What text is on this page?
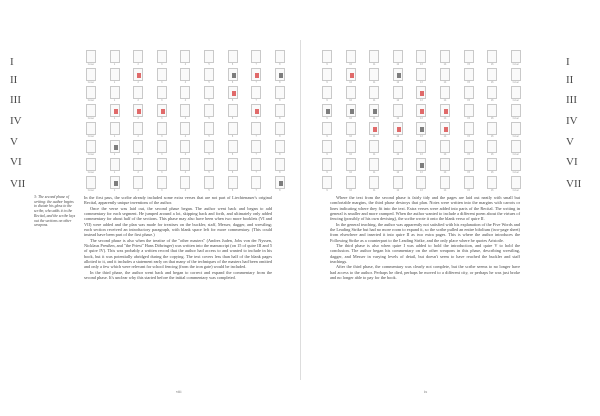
Cover	1	2	3	4	5	6	7	8
Cover	1	2	3	4	5	6	7	8
Cover	1	2	3	4	5	6	7	8
Cover	1	2	3	4	5	6	7	8
Cover	1	2	3	4	5	6	7	8
Cover	1	2	3	4	5	6	7	8
Cover	1	2	3	4	5	6	7	8
Cover	1	2	3	4	5	6	7	8
9	10	11	12	13	14	15	16	Cover
9	10	11	12	13	14	15	16	Cover
9	10	11	12	13	14	15	16	Cover
9	10	11	12	13	14	15	16	Cover
9	10	11	12	13	14	15	16	Cover
9	10	11	12	13	14	15	16	Cover
9	10	11	12	13	14	15	16	Cover
9	10	11	12	13	14	15	16	Cover
3: The second phase of writing: the author begins to dictate his gloss to the scribe, who adds it to the Recital, and the scribe lays out the sections on other weapons.

In the first pass, the scribe already included some extra verses that are not part of Liechtenauer's original Recital, apparently unique inventions of the author.

Once the verse was laid out, the second phase began. The author went back and began to add commentary for each segment. He jumped around a lot, skipping back and forth, and ultimately only added commentary for about half of the sections. This phase may also have been when two more booklets (VI and VII) were added and the plan was made for treatises on the buckler, staff, Messer, dagger, and wrestling; each section received an introductory paragraph, with blank space left for more commentary. (This could instead have been part of the first phase.)

The second phase is also when the treatise of the "other masters" (Andres Juden, Jobs von der Nyssen, Nicklaus Preußen, and "the Priest" Hans Döbringer) was written into the manuscript (on 15 of quire III and 5 of quire IV). This was probably a written record that the author had access to and wanted to include in his book, but it was potentially abridged during the copying. The text covers less than half of the blank pages allotted to it, and it includes a statement early on that many of the techniques of the masters had been omitted and only a few which were relevant for school fencing (from the iron gate) would be included.

In the third phase, the author went back and began to correct and expand the commentary from the second phase. It's unclear why this started before the initial commentary was completed.

Where the text from the second phase is fairly tidy and the pages are laid out neatly with small but comfortable margins, the third phase destroys that plan. Notes were written into the margins with carrots or lines indicating where they fit into the text. Extra verses were added into parts of the Recital. The writing in general is smaller and more cramped. When the author wanted to include a different poem about the virtues of fencing (possibly of his own devising), the scribe wrote it onto the blank verso of quire II.

In the general teaching, the author was apparently not satisfied with his explanation of the Five Words and the Leading Strike but had no more room to expand it, so the scribe pulled an entire bifolium (two-page sheet) from elsewhere and inserted it into quire II as two extra pages. This is where the author introduces the Following Strike as a counterpart to the Leading Strike, and the only place where he quotes Aristotle.

The third phase is also when quire I was added to hold the introduction, and quire V to hold the conclusion. The author began his commentary on the other weapons in this phase, describing wrestling, dagger, and Messer in varying levels of detail, but doesn't seem to have reached the buckler and staff teachings.

After the third phase, the commentary was clearly not complete, but the scribe seems to no longer have had access to the author. Perhaps he died, perhaps he moved to a different city, or perhaps he was just broke and no longer able to pay for the book.

viii	ix
I	I
II	II
III	III
IV	IV
V	V
VI	VI
VII	VII
